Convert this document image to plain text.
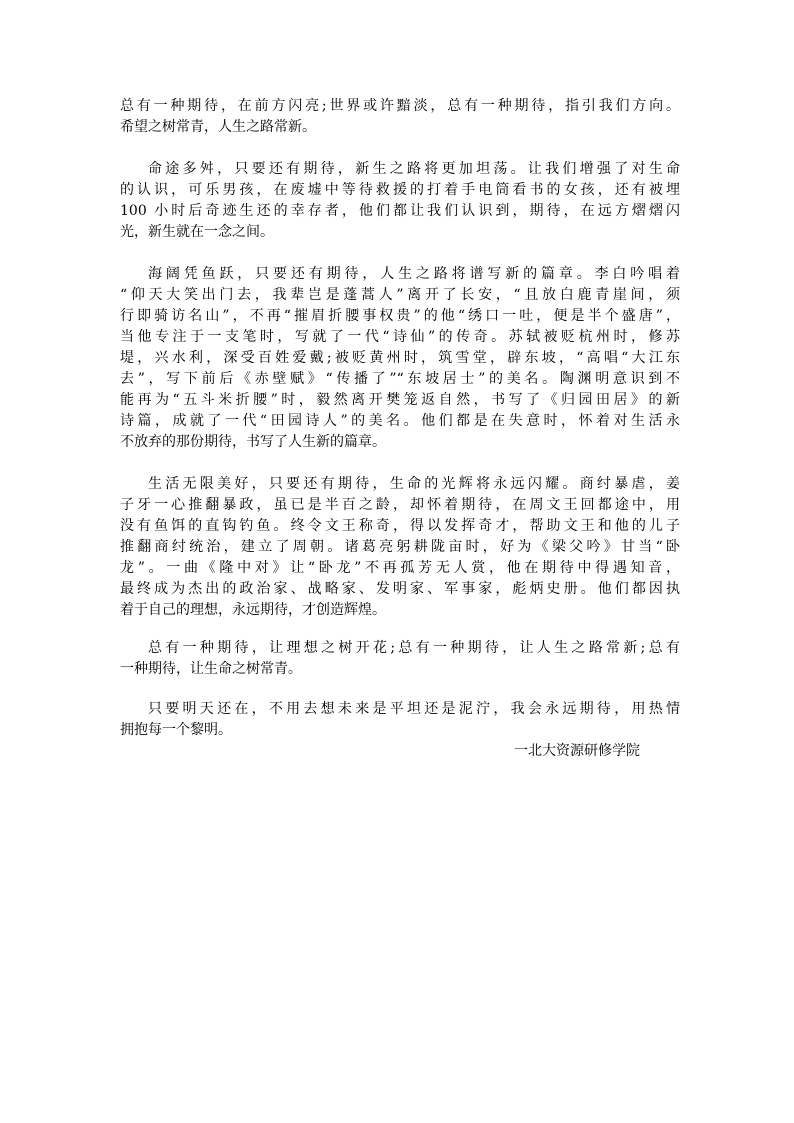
总有一种期待，在前方闪亮;世界或许黯淡，总有一种期待，指引我们方向。
希望之树常青，人生之路常新。
命途多舛，只要还有期待，新生之路将更加坦荡。让我们增强了对生命
的认识，可乐男孩，在废墟中等待救援的打着手电筒看书的女孩，还有被埋
100 小时后奇迹生还的幸存者，他们都让我们认识到，期待，在远方熠熠闪
光，新生就在一念之间。
海阔凭鱼跃，只要还有期待，人生之路将谱写新的篇章。李白吟唱着
“仰天大笑出门去，我辈岂是蓬蒿人”离开了长安，“且放白鹿青崖间，须
行即骑访名山”，不再“摧眉折腰事权贵”的他“绣口一吐，便是半个盛唐”，
当他专注于一支笔时，写就了一代“诗仙”的传奇。苏轼被贬杭州时，修苏
堤，兴水利，深受百姓爱戴;被贬黄州时，筑雪堂，辟东坡，“高唱“大江东
去”，写下前后《赤壁赋》“传播了”“东坡居士”的美名。陶渊明意识到不
能再为“五斗米折腰”时，毅然离开樊笼返自然，书写了《归园田居》的新
诗篇，成就了一代“田园诗人”的美名。他们都是在失意时，怀着对生活永
不放弃的那份期待，书写了人生新的篇章。
生活无限美好，只要还有期待，生命的光辉将永远闪耀。商纣暴虐，姜
子牙一心推翻暴政，虽已是半百之龄，却怀着期待，在周文王回都途中，用
没有鱼饵的直钩钓鱼。终令文王称奇，得以发挥奇才，帮助文王和他的儿子
推翻商纣统治，建立了周朝。诸葛亮躬耕陇亩时，好为《梁父吟》甘当“卧
龙”。一曲《隆中对》让“卧龙”不再孤芳无人赏，他在期待中得遇知音，
最终成为杰出的政治家、战略家、发明家、军事家，彪炳史册。他们都因执
着于自己的理想，永远期待，才创造辉煌。
总有一种期待，让理想之树开花;总有一种期待，让人生之路常新;总有
一种期待，让生命之树常青。
只要明天还在，不用去想未来是平坦还是泥泞，我会永远期待，用热情
拥抱每一个黎明。
一北大资源研修学院
